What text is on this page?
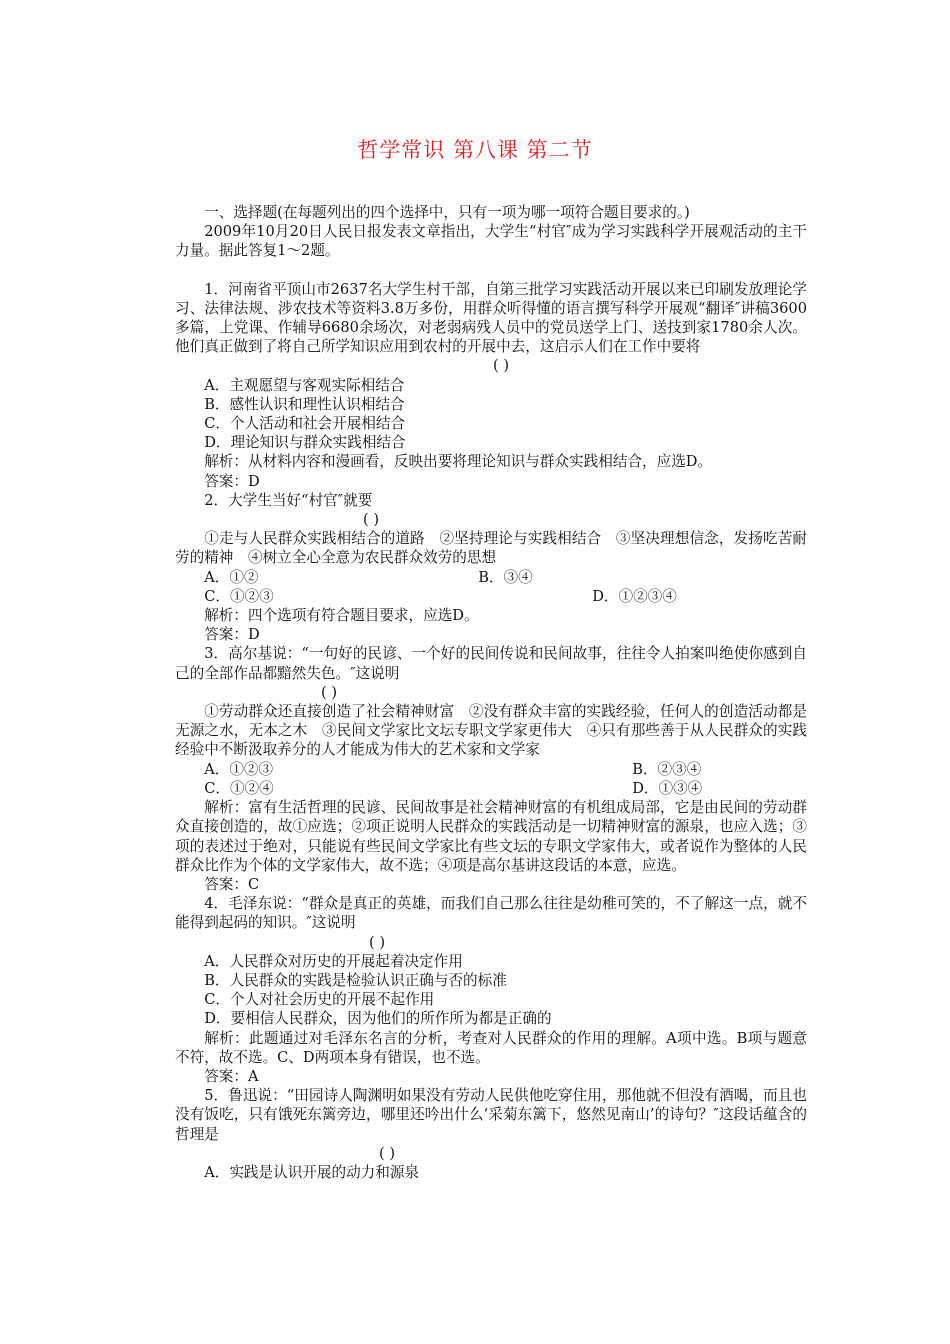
哲学常识 第八课 第二节

一、选择题(在每题列出的四个选择中，只有一项为哪一项符合题目要求的。)

2009年10月20日人民日报发表文章指出，大学生“村官″成为学习实践科学开展观活动的主干力量。据此答复1～2题。

1．河南省平顶山市2637名大学生村干部，自第三批学习实践活动开展以来已印刷发放理论学习、法律法规、涉农技术等资料3.8万多份，用群众听得懂的语言撰写科学开展观“翻译″讲稿3600多篇，上党课、作辅导6680余场次，对老弱病残人员中的党员送学上门、送技到家1780余人次。他们真正做到了将自己所学知识应用到农村的开展中去，这启示人们在工作中要将

( )

A．主观愿望与客观实际相结合

B．感性认识和理性认识相结合

C．个人活动和社会开展相结合

D．理论知识与群众实践相结合

解析：从材料内容和漫画看，反映出要将理论知识与群众实践相结合，应选D。

答案：D

2．大学生当好“村官″就要

( )

①走与人民群众实践相结合的道路　②坚持理论与实践相结合　③坚决理想信念，发扬吃苦耐劳的精神　④树立全心全意为农民群众效劳的思想

A．①②	B．③④
C．①②③	D．①②③④

解析：四个选项有符合题目要求，应选D。

答案：D

3．高尔基说：“一句好的民谚、一个好的民间传说和民间故事，往往令人拍案叫绝使你感到自己的全部作品都黯然失色。″这说明

( )

①劳动群众还直接创造了社会精神财富　②没有群众丰富的实践经验，任何人的创造活动都是无源之水，无本之木　③民间文学家比文坛专职文学家更伟大　④只有那些善于从人民群众的实践经验中不断汲取养分的人才能成为伟大的艺术家和文学家

A．①②③	B．②③④
C．①②④	D．①③④

解析：富有生活哲理的民谚、民间故事是社会精神财富的有机组成局部，它是由民间的劳动群众直接创造的，故①应选；②项正说明人民群众的实践活动是一切精神财富的源泉，也应入选；③项的表述过于绝对，只能说有些民间文学家比有些文坛的专职文学家伟大，或者说作为整体的人民群众比作为个体的文学家伟大，故不选；④项是高尔基讲这段话的本意，应选。

答案：C

4．毛泽东说：“群众是真正的英雄，而我们自己那么往往是幼稚可笑的，不了解这一点，就不能得到起码的知识。″这说明

( )

A．人民群众对历史的开展起着决定作用

B．人民群众的实践是检验认识正确与否的标准

C．个人对社会历史的开展不起作用

D．要相信人民群众，因为他们的所作所为都是正确的

解析：此题通过对毛泽东名言的分析，考查对人民群众的作用的理解。A项中选。B项与题意不符，故不选。C、D两项本身有错误，也不选。

答案：A

5．鲁迅说：“田园诗人陶渊明如果没有劳动人民供他吃穿住用，那他就不但没有酒喝，而且也没有饭吃，只有饿死东篱旁边，哪里还吟出什么‘采菊东篱下，悠然见南山’的诗句？″这段话蕴含的哲理是

( )

A．实践是认识开展的动力和源泉
